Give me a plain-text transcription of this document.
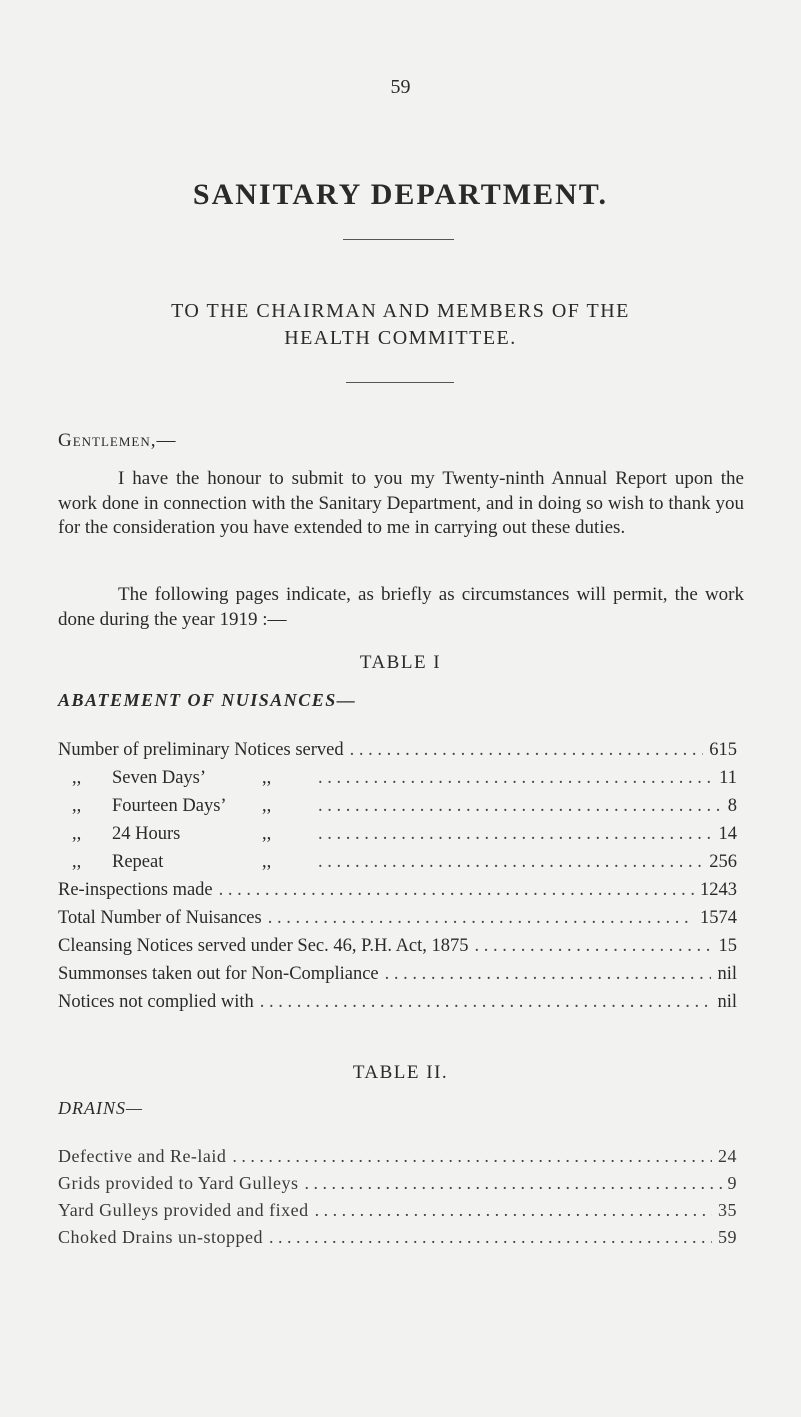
59
SANITARY DEPARTMENT.
TO THE CHAIRMAN AND MEMBERS OF THE
HEALTH COMMITTEE.
Gentlemen,—
I have the honour to submit to you my Twenty-ninth Annual Report upon the work done in connection with the Sanitary Department, and in doing so wish to thank you for the consideration you have extended to me in carrying out these duties.
The following pages indicate, as briefly as circumstances will permit, the work done during the year 1919 :—
TABLE I
ABATEMENT OF NUISANCES—
Number of preliminary Notices served . . .	615
,, Seven Days’	,, . . .	11
,, Fourteen Days’ ,, . . .	8
,, 24 Hours	,, . . .	14
,, Repeat	,, . . .	256
Re-inspections made . . .	1243
Total Number of Nuisances . . .	1574
Cleansing Notices served under Sec. 46, P.H. Act, 1875 . . .	15
Summonses taken out for Non-Compliance . . .	nil
Notices not complied with . . .	nil
TABLE II.
DRAINS—
Defective and Re-laid . . .	24
Grids provided to Yard Gulleys . . .	9
Yard Gulleys provided and fixed . . .	35
Choked Drains un-stopped . . .	59
